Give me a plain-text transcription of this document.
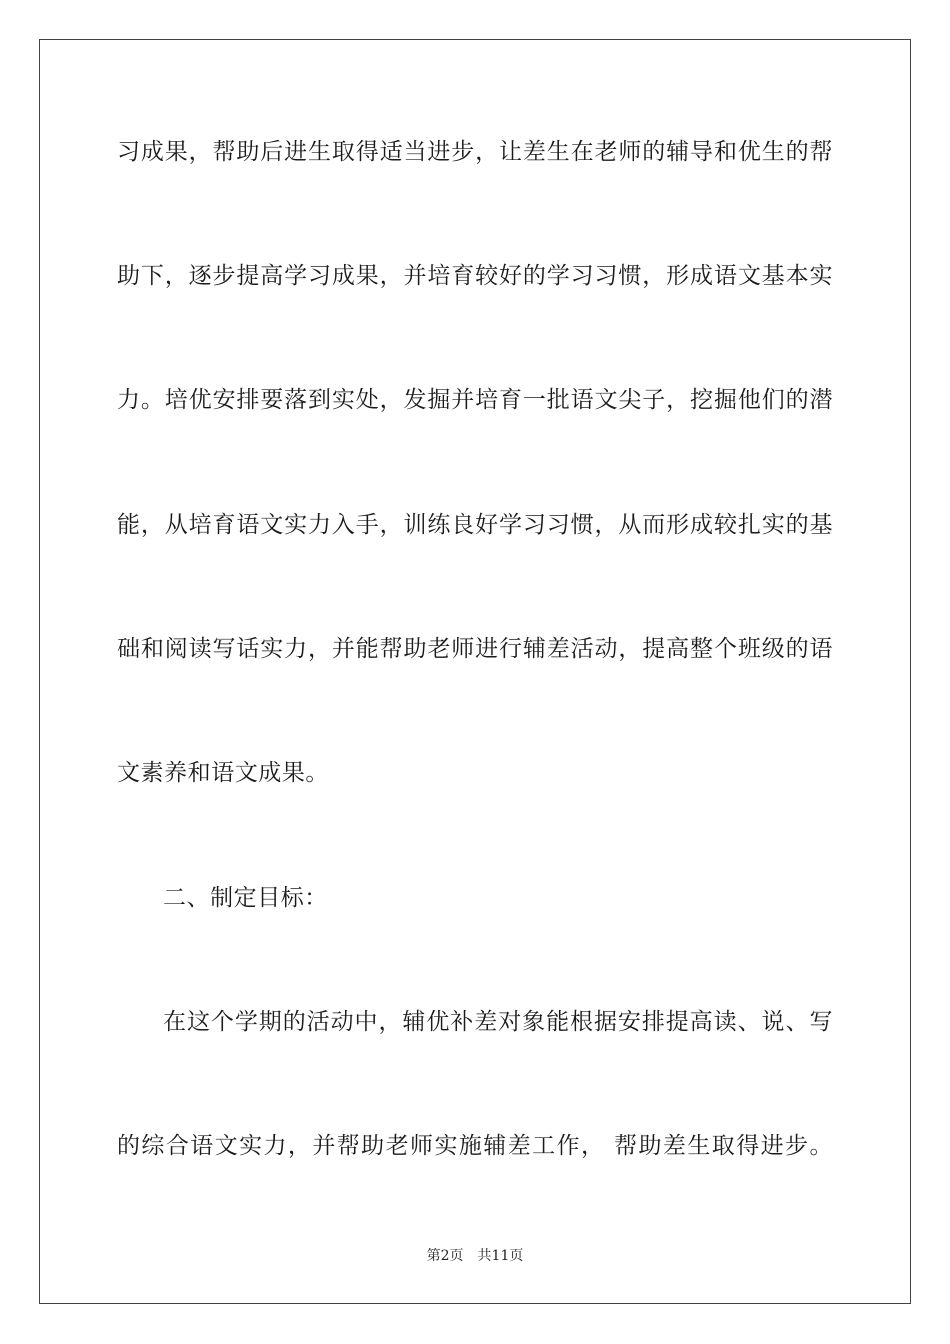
习成果，帮助后进生取得适当进步，让差生在老师的辅导和优生的帮
助下，逐步提高学习成果，并培育较好的学习习惯，形成语文基本实
力。培优安排要落到实处，发掘并培育一批语文尖子，挖掘他们的潜
能，从培育语文实力入手，训练良好学习习惯，从而形成较扎实的基
础和阅读写话实力，并能帮助老师进行辅差活动，提高整个班级的语
文素养和语文成果。
二、制定目标：
在这个学期的活动中，辅优补差对象能根据安排提高读、说、写
的综合语文实力，并帮助老师实施辅差工作， 帮助差生取得进步。
第2页 共11页
